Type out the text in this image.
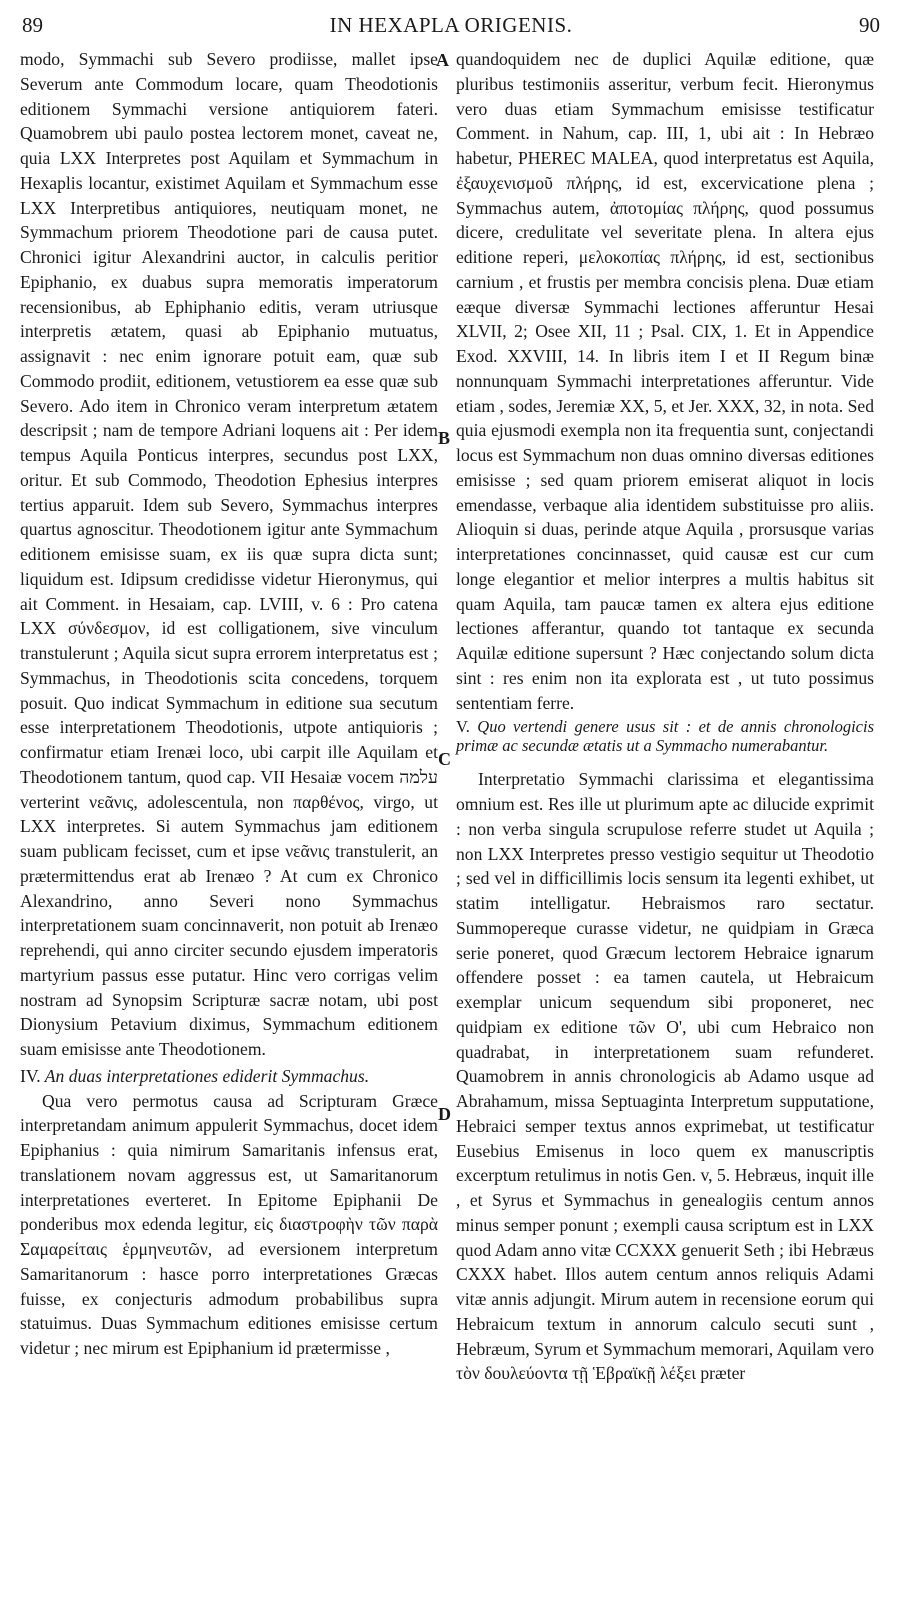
89	IN HEXAPLA ORIGENIS.	90
A
B
C
D

modo, Symmachi sub Severo prodiisse, mallet ipse Severum ante Commodum locare, quam Theodotionis editionem Symmachi versione antiquiorem fateri. Quamobrem ubi paulo postea lectorem monet, caveat ne, quia LXX Interpretes post Aquilam et Symmachum in Hexaplis locantur, existimet Aquilam et Symmachum esse LXX Interpretibus antiquiores, neutiquam monet, ne Symmachum priorem Theodotione pari de causa putet. Chronici igitur Alexandrini auctor, in calculis peritior Epiphanio, ex duabus supra memoratis imperatorum recensionibus, ab Ephiphanio editis, veram utriusque interpretis ætatem, quasi ab Epiphanio mutuatus, assignavit : nec enim ignorare potuit eam, quæ sub Commodo prodiit, editionem, vetustiorem ea esse quæ sub Severo. Ado item in Chronico veram interpretum ætatem descripsit ; nam de tempore Adriani loquens ait : Per idem tempus Aquila Ponticus interpres, secundus post LXX, oritur. Et sub Commodo, Theodotion Ephesius interpres tertius apparuit. Idem sub Severo, Symmachus interpres quartus agnoscitur. Theodotionem igitur ante Symmachum editionem emisisse suam, ex iis quæ supra dicta sunt; liquidum est. Idipsum credidisse videtur Hieronymus, qui ait Comment. in Hesaiam, cap. LVIII, v. 6 : Pro catena LXX σύνδεσμον, id est colligationem, sive vinculum transtulerunt ; Aquila sicut supra errorem interpretatus est ; Symmachus, in Theodotionis scita concedens, torquem posuit. Quo indicat Symmachum in editione sua secutum esse interpretationem Theodotionis, utpote antiquioris ; confirmatur etiam Irenæi loco, ubi carpit ille Aquilam et Theodotionem tantum, quod cap. VII Hesaiæ vocem עלמה verterint νεᾶνις, adolescentula, non παρθένος, virgo, ut LXX interpretes. Si autem Symmachus jam editionem suam publicam fecisset, cum et ipse νεᾶνις transtulerit, an prætermittendus erat ab Irenæo ? At cum ex Chronico Alexandrino, anno Severi nono Symmachus interpretationem suam concinnaverit, non potuit ab Irenæo reprehendi, qui anno circiter secundo ejusdem imperatoris martyrium passus esse putatur. Hinc vero corrigas velim nostram ad Synopsim Scripturæ sacræ notam, ubi post Dionysium Petavium diximus, Symmachum editionem suam emisisse ante Theodotionem.

IV. An duas interpretationes ediderit Symmachus.

Qua vero permotus causa ad Scripturam Græce interpretandam animum appulerit Symmachus, docet idem Epiphanius : quia nimirum Samaritanis infensus erat, translationem novam aggressus est, ut Samaritanorum interpretationes everteret. In Epitome Epiphanii De ponderibus mox edenda legitur, εἰς διαστροφὴν τῶν παρὰ Σαμαρείταις ἑρμηνευτῶν, ad eversionem interpretum Samaritanorum : hasce porro interpretationes Græcas fuisse, ex conjecturis admodum probabilibus supra statuimus. Duas Symmachum editiones emisisse certum videtur ; nec mirum est Epiphanium id prætermisse ,

quandoquidem nec de duplici Aquilæ editione, quæ pluribus testimoniis asseritur, verbum fecit. Hieronymus vero duas etiam Symmachum emisisse testificatur Comment. in Nahum, cap. III, 1, ubi ait : In Hebræo habetur, PHEREC MALEA, quod interpretatus est Aquila, ἐξαυχενισμοῦ πλήρης, id est, excervicatione plena ; Symmachus autem, ἀποτομίας πλήρης, quod possumus dicere, credulitate vel severitate plena. In altera ejus editione reperi, μελοκοπίας πλήρης, id est, sectionibus carnium , et frustis per membra concisis plena. Duæ etiam eæque diversæ Symmachi lectiones afferuntur Hesai XLVII, 2; Osee XII, 11 ; Psal. CIX, 1. Et in Appendice Exod. XXVIII, 14. In libris item I et II Regum binæ nonnunquam Symmachi interpretationes afferuntur. Vide etiam , sodes, Jeremiæ XX, 5, et Jer. XXX, 32, in nota. Sed quia ejusmodi exempla non ita frequentia sunt, conjectandi locus est Symmachum non duas omnino diversas editiones emisisse ; sed quam priorem emiserat aliquot in locis emendasse, verbaque alia identidem substituisse pro aliis. Alioquin si duas, perinde atque Aquila , prorsusque varias interpretationes concinnasset, quid causæ est cur cum longe elegantior et melior interpres a multis habitus sit quam Aquila, tam paucæ tamen ex altera ejus editione lectiones afferantur, quando tot tantaque ex secunda Aquilæ editione supersunt ? Hæc conjectando solum dicta sint : res enim non ita explorata est , ut tuto possimus sententiam ferre.

V. Quo vertendi genere usus sit : et de annis chronologicis primæ ac secundæ ætatis ut a Symmacho numerabantur.

Interpretatio Symmachi clarissima et elegantissima omnium est. Res ille ut plurimum apte ac dilucide exprimit : non verba singula scrupulose referre studet ut Aquila ; non LXX Interpretes presso vestigio sequitur ut Theodotio ; sed vel in difficillimis locis sensum ita legenti exhibet, ut statim intelligatur. Hebraismos raro sectatur. Summopereque curasse videtur, ne quidpiam in Græca serie poneret, quod Græcum lectorem Hebraice ignarum offendere posset : ea tamen cautela, ut Hebraicum exemplar unicum sequendum sibi proponeret, nec quidpiam ex editione τῶν Ο', ubi cum Hebraico non quadrabat, in interpretationem suam refunderet. Quamobrem in annis chronologicis ab Adamo usque ad Abrahamum, missa Septuaginta Interpretum supputatione, Hebraici semper textus annos exprimebat, ut testificatur Eusebius Emisenus in loco quem ex manuscriptis excerptum retulimus in notis Gen. v, 5. Hebræus, inquit ille , et Syrus et Symmachus in genealogiis centum annos minus semper ponunt ; exempli causa scriptum est in LXX quod Adam anno vitæ CCXXX genuerit Seth ; ibi Hebræus CXXX habet. Illos autem centum annos reliquis Adami vitæ annis adjungit. Mirum autem in recensione eorum qui Hebraicum textum in annorum calculo secuti sunt , Hebræum, Syrum et Symmachum memorari, Aquilam vero τὸν δουλεύοντα τῇ Ἑβραϊκῇ λέξει præter
